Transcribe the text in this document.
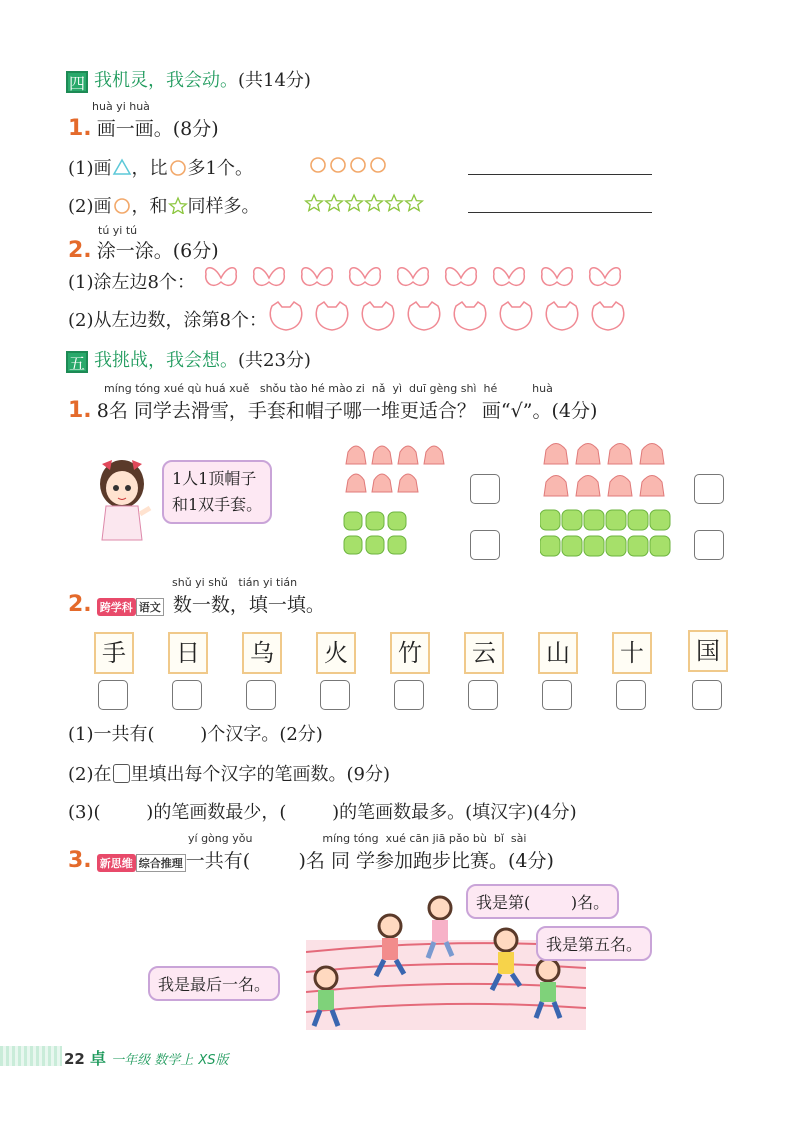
四 我机灵，我会动。(共14分)
huà yi huà
1. 画一画。(8分)
(1)画 ，比 多1个。
(2)画 ，和 同样多。
tú yi tú
2. 涂一涂。(6分)
(1)涂左边8个：
(2)从左边数，涂第8个：
五 我挑战，我会想。(共23分)
míng tóng xué qù huá xuě   shǒu tào hé mào zi  nǎ  yì  duī gèng shì  hé          huà
1. 8名 同学去滑雪，手套和帽子哪一堆更适合？ 画“√”。(4分)
1人1顶帽子
和1双手套。
shǔ yi shǔ   tián yi tián
2. 跨学科 语文 数一数，填一填。
手	日	乌	火	竹	云	山	十	国
(1)一共有(        )个汉字。(2分)
(2)在 里填出每个汉字的笔画数。(9分)
(3)(        )的笔画数最少，(        )的笔画数最多。(填汉字)(4分)
yí gòng yǒu                    míng tóng  xué cān jiā pǎo bù  bǐ  sài
3. 新思维 综合推理 一共有(        )名 同 学参加跑步比赛。(4分)
我是第(        )名。
我是第五名。
我是最后一名。
22 卓 一年级 数学上 XS版
